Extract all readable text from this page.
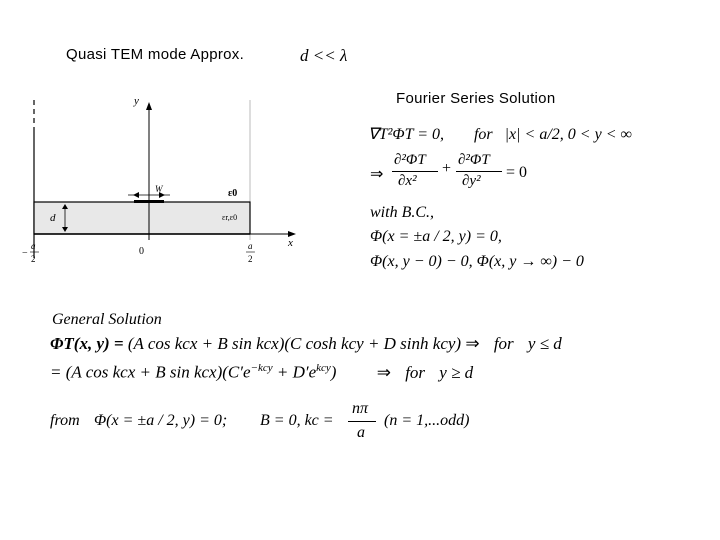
Quasi TEM mode Approx.	d << λ
Fourier Series Solution
y
x
W
d
ε0
εr,ε0
0
−
a
2
a
2
∇T²ΦT = 0, for |x| < a/2, 0 < y < ∞
⇒
∂²ΦT
∂x²
+ ∂²ΦT
∂y² = 0
with B.C.,
Φ(x = ±a / 2, y) = 0,
Φ(x, y − 0) − 0, Φ(x, y → ∞) − 0
General Solution
ΦT(x, y) = (A cos kcx + B sin kcx)(C cosh kcy + D sinh kcy) ⇒ for y ≤ d
= (A cos kcx + B $\sin kcx)(C'e^{-kcy} + D'e^{kcy})$ ⇒ for y ≥ d
from Φ(x = ±a / 2, y) = 0; B = 0, kc =
nπ
a
(n = 1,...odd)
